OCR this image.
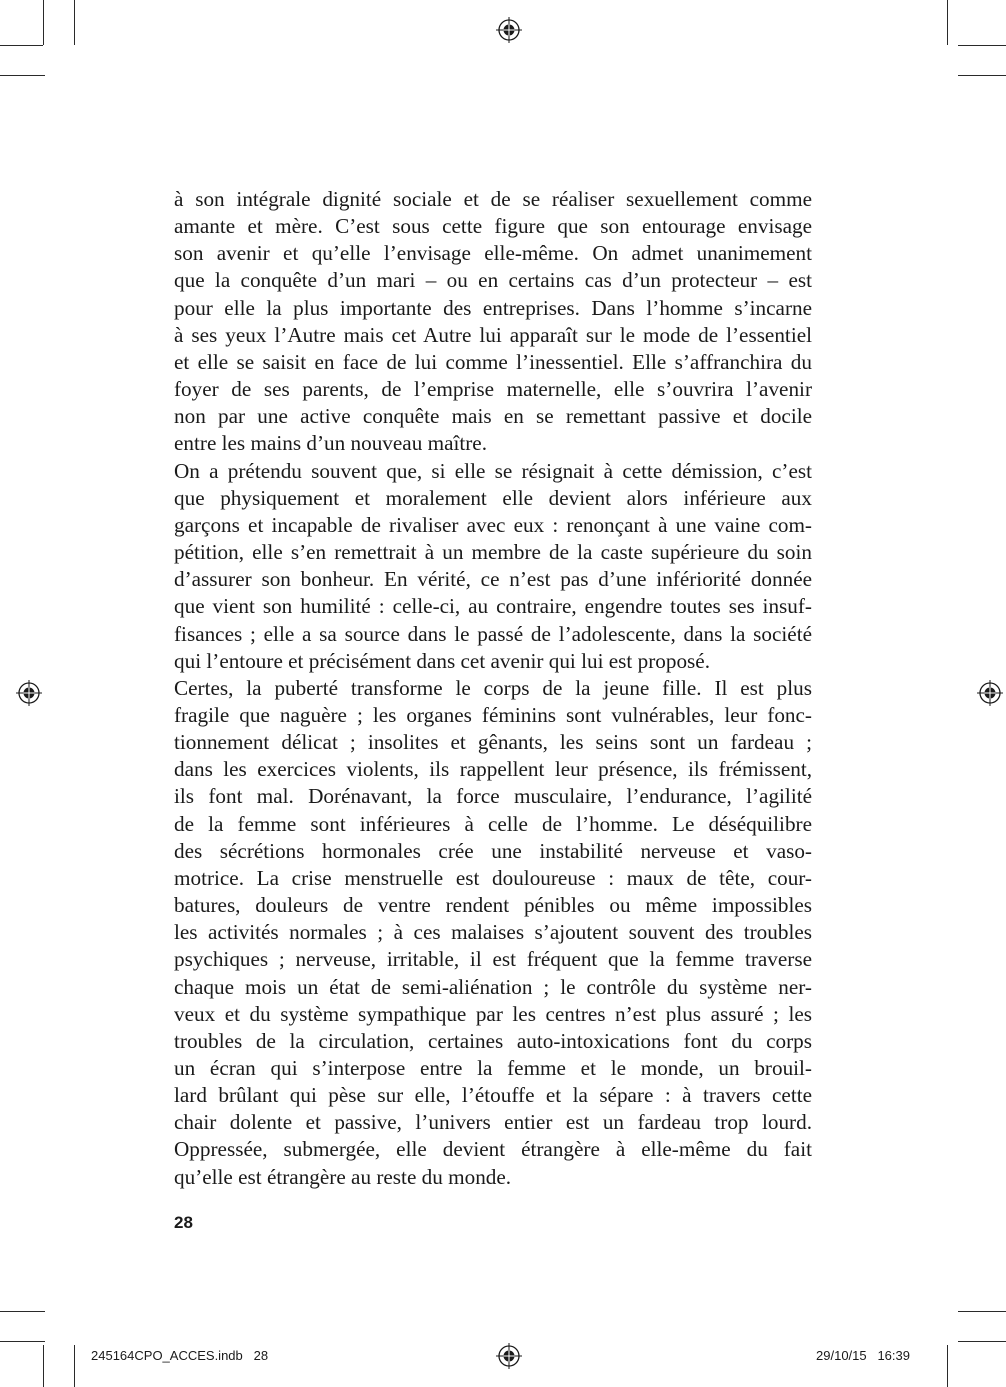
à son intégrale dignité sociale et de se réaliser sexuellement comme
amante et mère. C’est sous cette figure que son entourage envisage
son avenir et qu’elle l’envisage elle-même. On admet unanimement
que la conquête d’un mari – ou en certains cas d’un protecteur – est
pour elle la plus importante des entreprises. Dans l’homme s’incarne
à ses yeux l’Autre mais cet Autre lui apparaît sur le mode de l’essentiel
et elle se saisit en face de lui comme l’inessentiel. Elle s’affranchira du
foyer de ses parents, de l’emprise maternelle, elle s’ouvrira l’avenir
non par une active conquête mais en se remettant passive et docile
entre les mains d’un nouveau maître.

On a prétendu souvent que, si elle se résignait à cette démission, c’est
que physiquement et moralement elle devient alors inférieure aux
garçons et incapable de rivaliser avec eux : renonçant à une vaine com-
pétition, elle s’en remettrait à un membre de la caste supérieure du soin
d’assurer son bonheur. En vérité, ce n’est pas d’une infériorité donnée
que vient son humilité : celle-ci, au contraire, engendre toutes ses insuf-
fisances ; elle a sa source dans le passé de l’adolescente, dans la société
qui l’entoure et précisément dans cet avenir qui lui est proposé.

Certes, la puberté transforme le corps de la jeune fille. Il est plus
fragile que naguère ; les organes féminins sont vulnérables, leur fonc-
tionnement délicat ; insolites et gênants, les seins sont un fardeau ;
dans les exercices violents, ils rappellent leur présence, ils frémissent,
ils font mal. Dorénavant, la force musculaire, l’endurance, l’agilité
de la femme sont inférieures à celle de l’homme. Le déséquilibre
des sécrétions hormonales crée une instabilité nerveuse et vaso-
motrice. La crise menstruelle est douloureuse : maux de tête, cour-
batures, douleurs de ventre rendent pénibles ou même impossibles
les activités normales ; à ces malaises s’ajoutent souvent des troubles
psychiques ; nerveuse, irritable, il est fréquent que la femme traverse
chaque mois un état de semi-aliénation ; le contrôle du système ner-
veux et du système sympathique par les centres n’est plus assuré ; les
troubles de la circulation, certaines auto-intoxications font du corps
un écran qui s’interpose entre la femme et le monde, un brouil-
lard brûlant qui pèse sur elle, l’étouffe et la sépare : à travers cette
chair dolente et passive, l’univers entier est un fardeau trop lourd.
Oppressée, submergée, elle devient étrangère à elle-même du fait
qu’elle est étrangère au reste du monde.

28
245164CPO_ACCES.indb   28	29/10/15   16:39
